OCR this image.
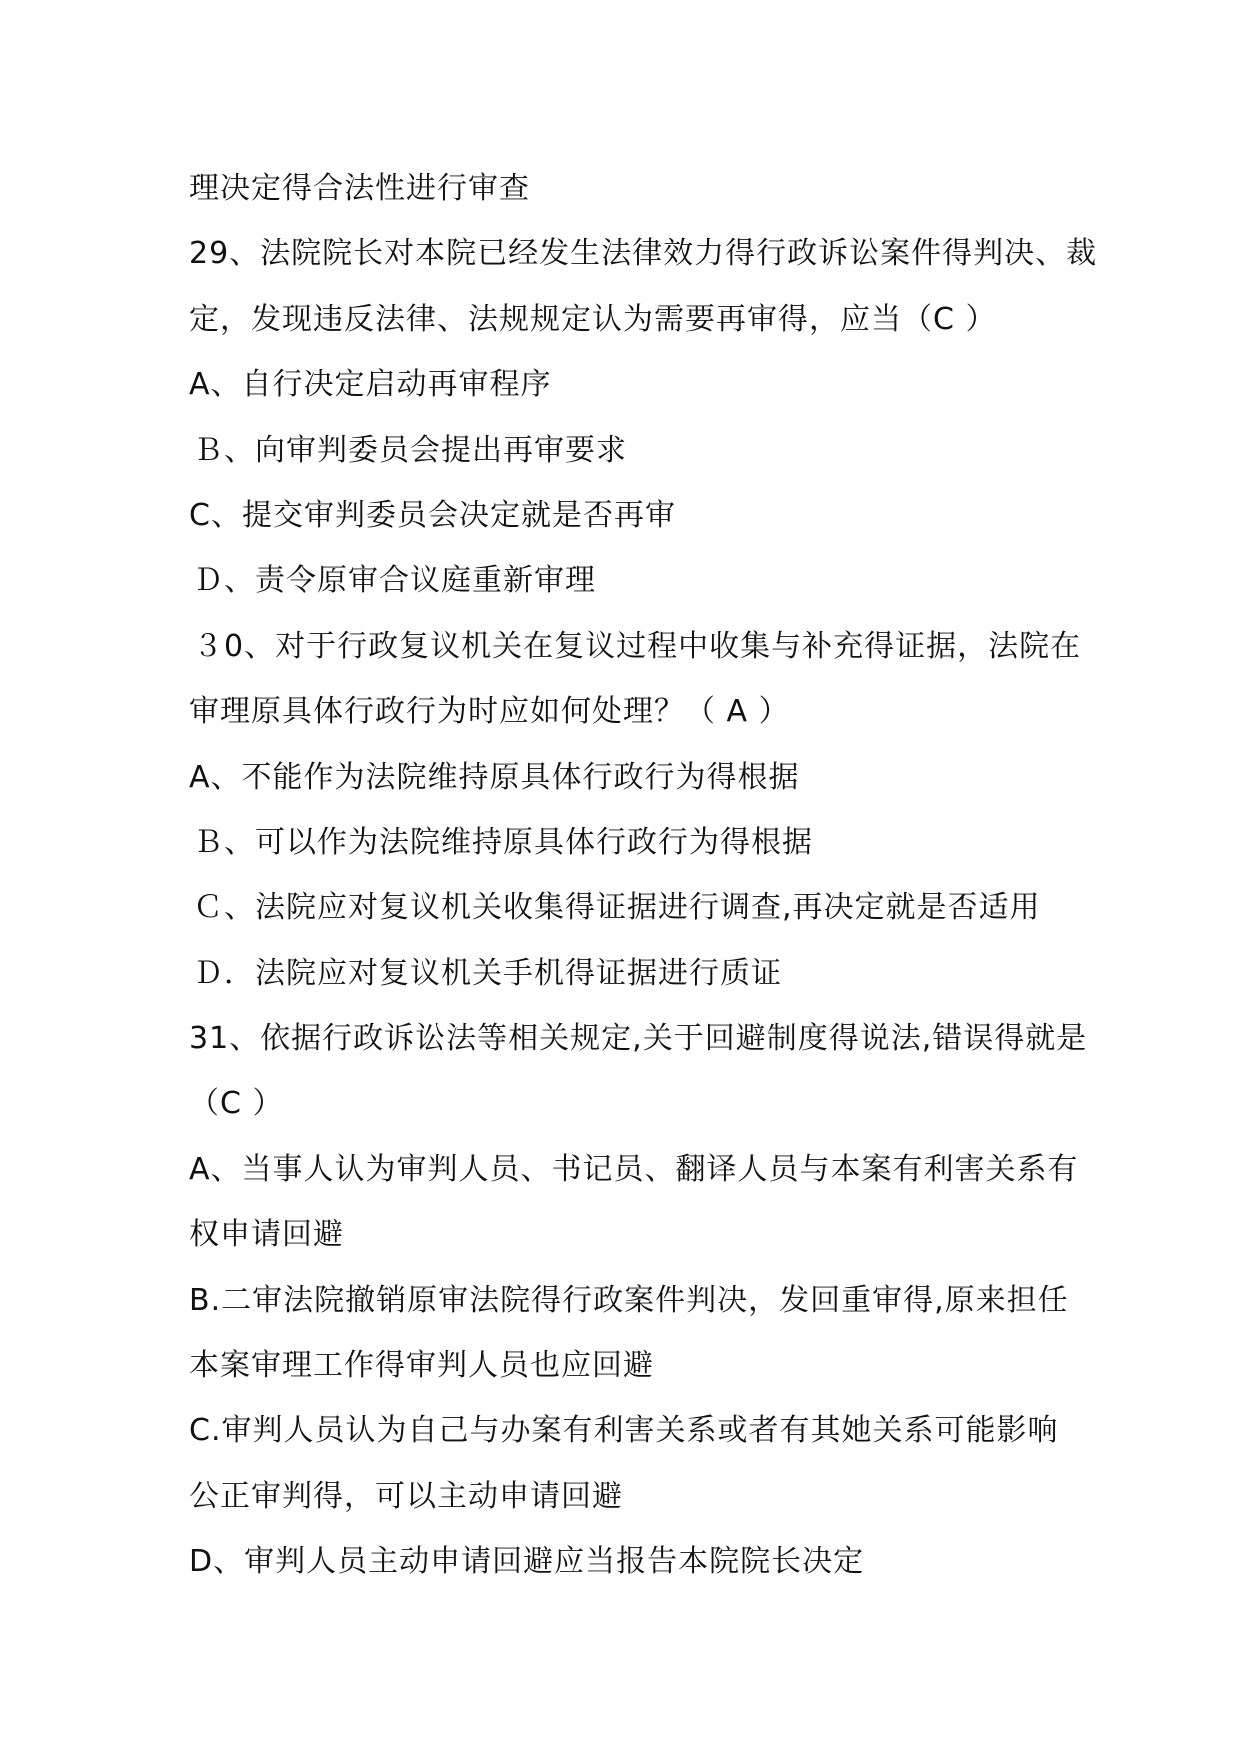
理决定得合法性进行审查
29、法院院长对本院已经发生法律效力得行政诉讼案件得判决、裁
定，发现违反法律、法规规定认为需要再审得，应当（C ）
A、自行决定启动再审程序
Ｂ、向审判委员会提出再审要求
C、提交审判委员会决定就是否再审
Ｄ、责令原审合议庭重新审理
３0、对于行政复议机关在复议过程中收集与补充得证据，法院在
审理原具体行政行为时应如何处理？（ A ）
A、不能作为法院维持原具体行政行为得根据
Ｂ、可以作为法院维持原具体行政行为得根据
Ｃ、法院应对复议机关收集得证据进行调查,再决定就是否适用
Ｄ．法院应对复议机关手机得证据进行质证
31、依据行政诉讼法等相关规定,关于回避制度得说法,错误得就是
（C ）
A、当事人认为审判人员、书记员、翻译人员与本案有利害关系有
权申请回避
B.二审法院撤销原审法院得行政案件判决，发回重审得,原来担任
本案审理工作得审判人员也应回避
C.审判人员认为自己与办案有利害关系或者有其她关系可能影响
公正审判得，可以主动申请回避
D、审判人员主动申请回避应当报告本院院长决定
